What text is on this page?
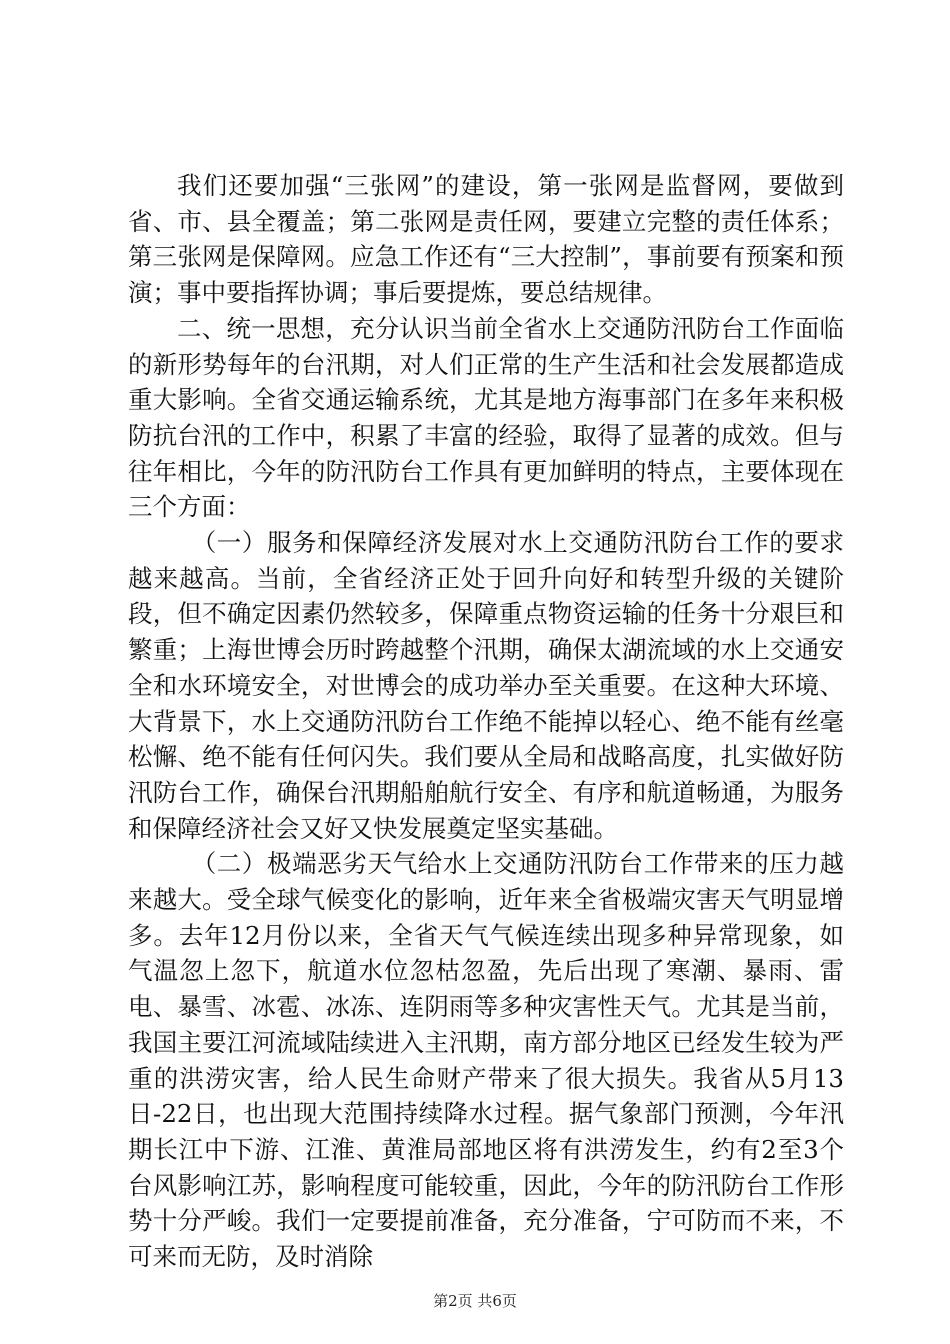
我们还要加强“三张网”的建设，第一张网是监督网，要做到省、市、县全覆盖；第二张网是责任网，要建立完整的责任体系；第三张网是保障网。应急工作还有“三大控制”，事前要有预案和预演；事中要指挥协调；事后要提炼，要总结规律。

二、统一思想，充分认识当前全省水上交通防汛防台工作面临的新形势每年的台汛期，对人们正常的生产生活和社会发展都造成重大影响。全省交通运输系统，尤其是地方海事部门在多年来积极防抗台汛的工作中，积累了丰富的经验，取得了显著的成效。但与往年相比，今年的防汛防台工作具有更加鲜明的特点，主要体现在三个方面：

（一）服务和保障经济发展对水上交通防汛防台工作的要求越来越高。当前，全省经济正处于回升向好和转型升级的关键阶段，但不确定因素仍然较多，保障重点物资运输的任务十分艰巨和繁重；上海世博会历时跨越整个汛期，确保太湖流域的水上交通安全和水环境安全，对世博会的成功举办至关重要。在这种大环境、大背景下，水上交通防汛防台工作绝不能掉以轻心、绝不能有丝毫松懈、绝不能有任何闪失。我们要从全局和战略高度，扎实做好防汛防台工作，确保台汛期船舶航行安全、有序和航道畅通，为服务和保障经济社会又好又快发展奠定坚实基础。

（二）极端恶劣天气给水上交通防汛防台工作带来的压力越来越大。受全球气候变化的影响，近年来全省极端灾害天气明显增多。去年12月份以来，全省天气气候连续出现多种异常现象，如气温忽上忽下，航道水位忽枯忽盈，先后出现了寒潮、暴雨、雷电、暴雪、冰雹、冰冻、连阴雨等多种灾害性天气。尤其是当前，我国主要江河流域陆续进入主汛期，南方部分地区已经发生较为严重的洪涝灾害，给人民生命财产带来了很大损失。我省从5月13日-22日，也出现大范围持续降水过程。据气象部门预测，今年汛期长江中下游、江淮、黄淮局部地区将有洪涝发生，约有2至3个台风影响江苏，影响程度可能较重，因此，今年的防汛防台工作形势十分严峻。我们一定要提前准备，充分准备，宁可防而不来，不可来而无防，及时消除

第2页 共6页
